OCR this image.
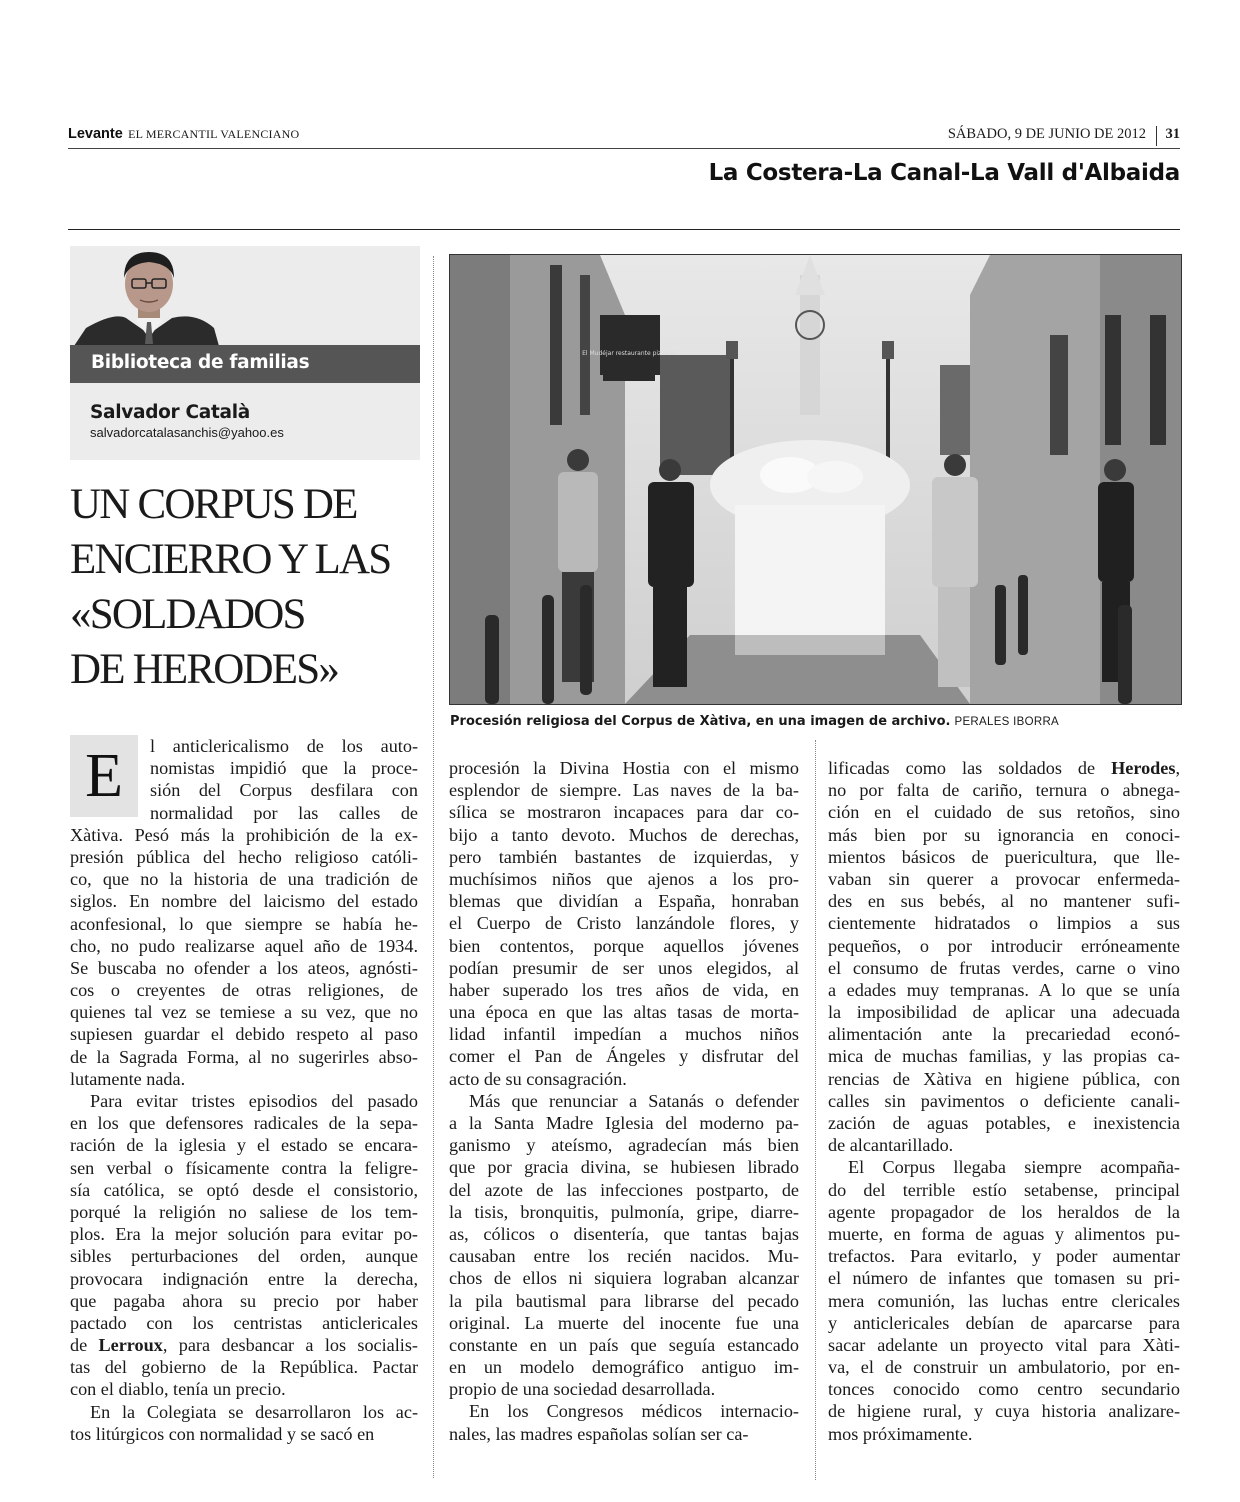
Levante EL MERCANTIL VALENCIANO	SÁBADO, 9 DE JUNIO DE 2012	31
La Costera-La Canal-La Vall d'Albaida
Biblioteca de familias
Salvador Català
salvadorcatalasanchis@yahoo.es
UN CORPUS DE
ENCIERRO Y LAS
«SOLDADOS
DE HERODES»
El Mudéjar restaurante pizzería
Procesión religiosa del Corpus de Xàtiva, en una imagen de archivo. PERALES IBORRA
E	l anticlericalismo de los auto-
nomistas impidió que la proce-
sión del Corpus desfilara con
normalidad por las calles de
Xàtiva. Pesó más la prohibición de la ex-
presión pública del hecho religioso católi-
co, que no la historia de una tradición de
siglos. En nombre del laicismo del estado
aconfesional, lo que siempre se había he-
cho, no pudo realizarse aquel año de 1934.
Se buscaba no ofender a los ateos, agnósti-
cos o creyentes de otras religiones, de
quienes tal vez se temiese a su vez, que no
supiesen guardar el debido respeto al paso
de la Sagrada Forma, al no sugerirles abso-
lutamente nada.
Para evitar tristes episodios del pasado
en los que defensores radicales de la sepa-
ración de la iglesia y el estado se encara-
sen verbal o físicamente contra la feligre-
sía católica, se optó desde el consistorio,
porqué la religión no saliese de los tem-
plos. Era la mejor solución para evitar po-
sibles perturbaciones del orden, aunque
provocara indignación entre la derecha,
que pagaba ahora su precio por haber
pactado con los centristas anticlericales
de Lerroux, para desbancar a los socialis-
tas del gobierno de la República. Pactar
con el diablo, tenía un precio.
En la Colegiata se desarrollaron los ac-
tos litúrgicos con normalidad y se sacó en
procesión la Divina Hostia con el mismo
esplendor de siempre. Las naves de la ba-
sílica se mostraron incapaces para dar co-
bijo a tanto devoto. Muchos de derechas,
pero también bastantes de izquierdas, y
muchísimos niños que ajenos a los pro-
blemas que dividían a España, honraban
el Cuerpo de Cristo lanzándole flores, y
bien contentos, porque aquellos jóvenes
podían presumir de ser unos elegidos, al
haber superado los tres años de vida, en
una época en que las altas tasas de morta-
lidad infantil impedían a muchos niños
comer el Pan de Ángeles y disfrutar del
acto de su consagración.
Más que renunciar a Satanás o defender
a la Santa Madre Iglesia del moderno pa-
ganismo y ateísmo, agradecían más bien
que por gracia divina, se hubiesen librado
del azote de las infecciones postparto, de
la tisis, bronquitis, pulmonía, gripe, diarre-
as, cólicos o disentería, que tantas bajas
causaban entre los recién nacidos. Mu-
chos de ellos ni siquiera lograban alcanzar
la pila bautismal para librarse del pecado
original. La muerte del inocente fue una
constante en un país que seguía estancado
en un modelo demográfico antiguo im-
propio de una sociedad desarrollada.
En los Congresos médicos internacio-
nales, las madres españolas solían ser ca-
lificadas como las soldados de Herodes,
no por falta de cariño, ternura o abnega-
ción en el cuidado de sus retoños, sino
más bien por su ignorancia en conoci-
mientos básicos de puericultura, que lle-
vaban sin querer a provocar enfermeda-
des en sus bebés, al no mantener sufi-
cientemente hidratados o limpios a sus
pequeños, o por introducir erróneamente
el consumo de frutas verdes, carne o vino
a edades muy tempranas. A lo que se unía
la imposibilidad de aplicar una adecuada
alimentación ante la precariedad econó-
mica de muchas familias, y las propias ca-
rencias de Xàtiva en higiene pública, con
calles sin pavimentos o deficiente canali-
zación de aguas potables, e inexistencia
de alcantarillado.
El Corpus llegaba siempre acompaña-
do del terrible estío setabense, principal
agente propagador de los heraldos de la
muerte, en forma de aguas y alimentos pu-
trefactos. Para evitarlo, y poder aumentar
el número de infantes que tomasen su pri-
mera comunión, las luchas entre clericales
y anticlericales debían de aparcarse para
sacar adelante un proyecto vital para Xàti-
va, el de construir un ambulatorio, por en-
tonces conocido como centro secundario
de higiene rural, y cuya historia analizare-
mos próximamente.
